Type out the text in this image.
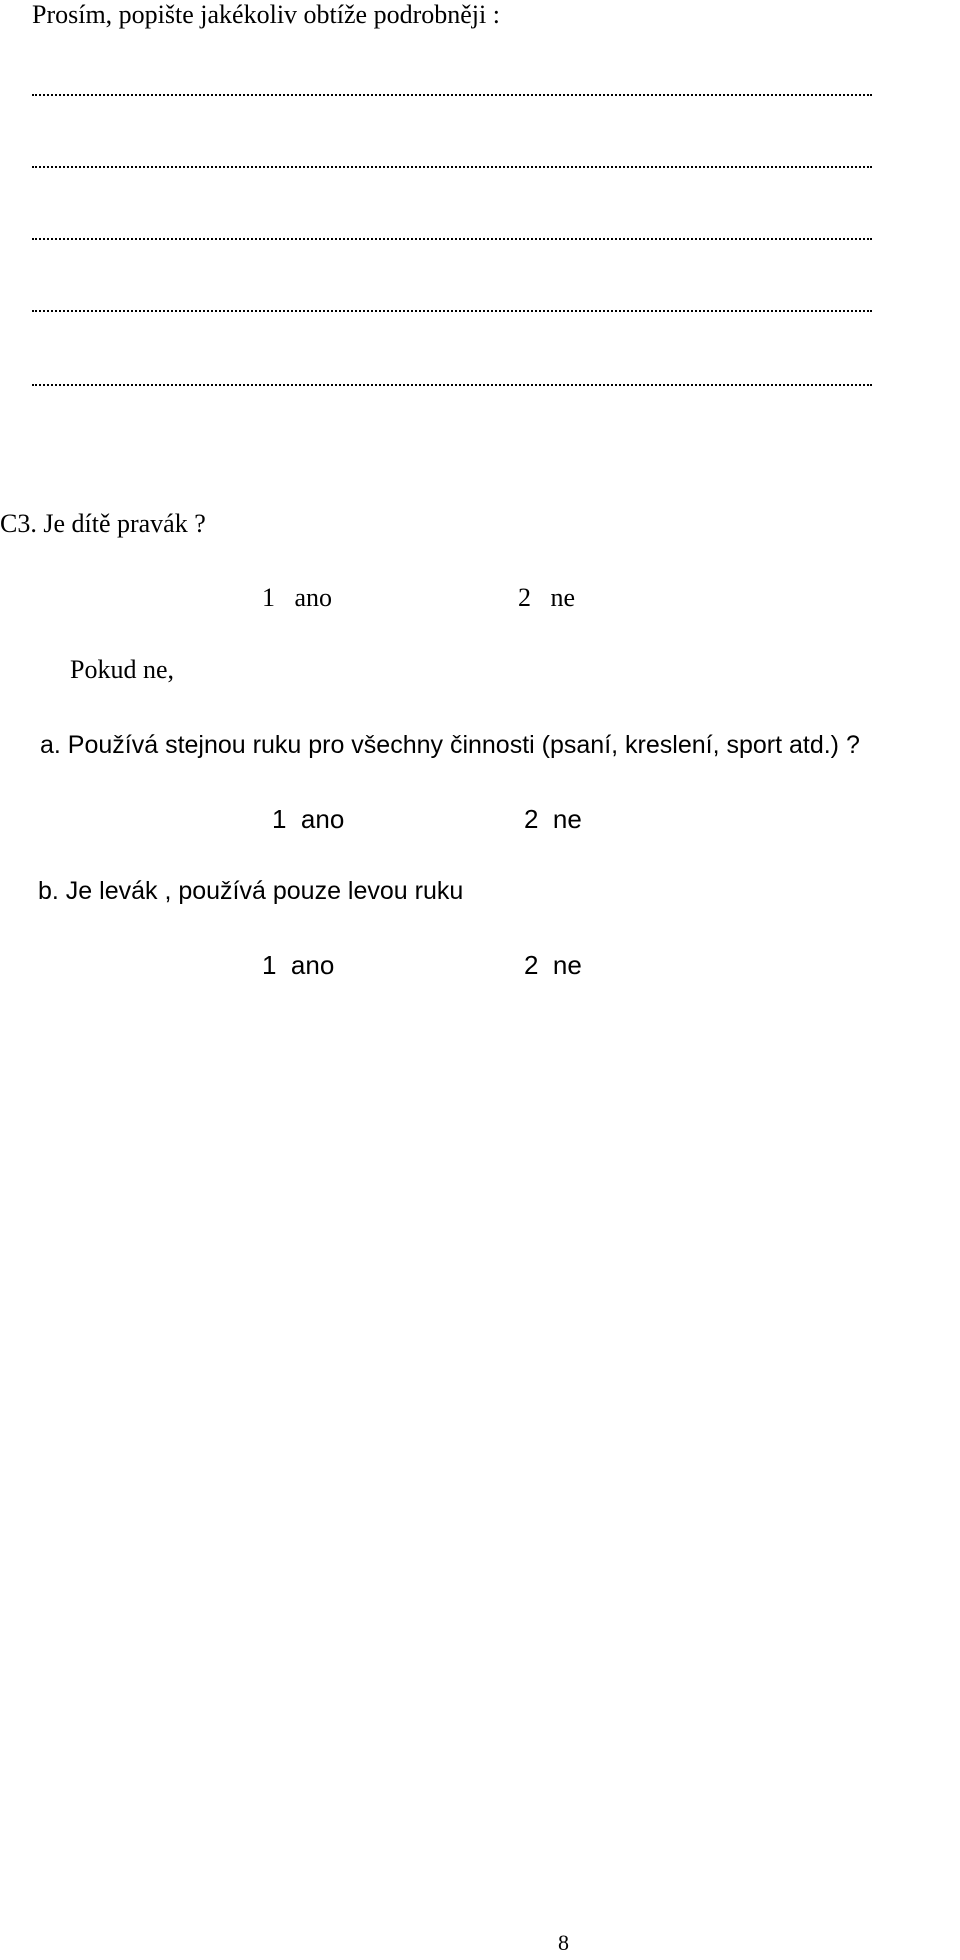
Prosím, popište jakékoliv obtíže podrobněji :
C3. Je dítě pravák ?
1 ano	2 ne
Pokud ne,
a. Používá stejnou ruku pro všechny činnosti (psaní, kreslení, sport atd.) ?
1 ano	2 ne
b. Je levák , používá pouze levou ruku
1 ano	2 ne
8
